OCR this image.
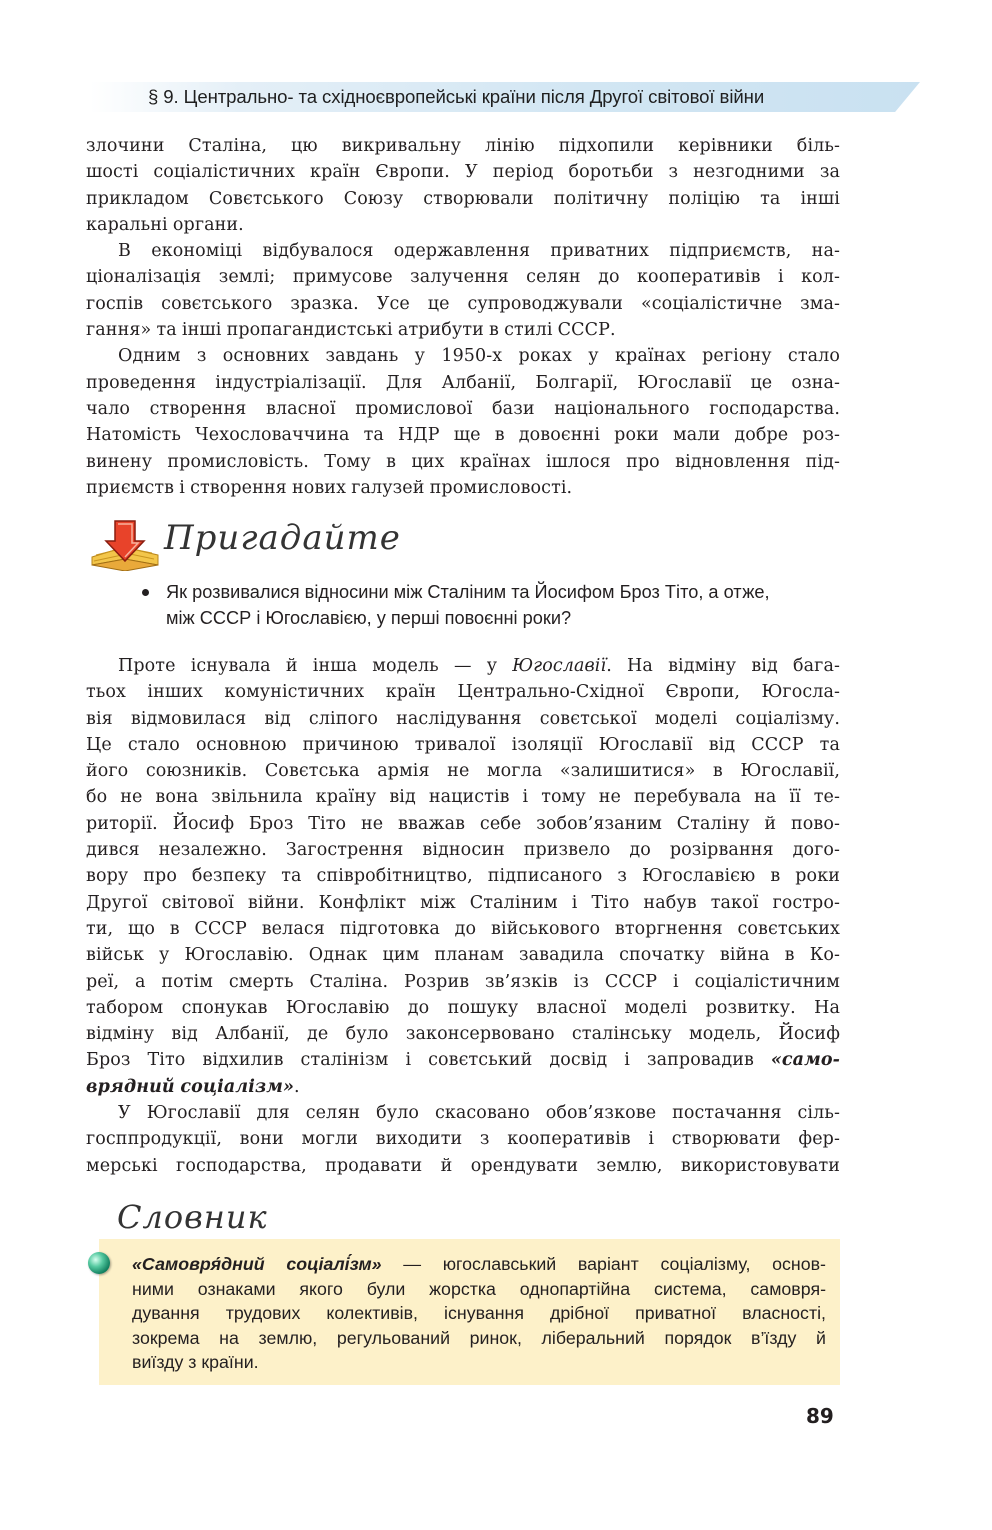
§ 9. Центрально- та східноєвропейські країни після Другої світової війни

злочини Сталіна, цю викривальну лінію підхопили керівники біль-
шості соціалістичних країн Європи. У період боротьби з незгодними за
прикладом Совєтського Союзу створювали політичну поліцію та інші
каральні органи.

В економіці відбувалося одержавлення приватних підприємств, на-
ціоналізація землі; примусове залучення селян до кооперативів і кол-
госпів совєтського зразка. Усе це супроводжували «соціалістичне зма-
гання» та інші пропагандистські атрибути в стилі СССР.

Одним з основних завдань у 1950-х роках у країнах регіону стало
проведення індустріалізації. Для Албанії, Болгарії, Югославії це озна-
чало створення власної промислової бази національного господарства.
Натомість Чехословаччина та НДР ще в довоєнні роки мали добре роз-
винену промисловість. Тому в цих країнах ішлося про відновлення під-
приємств і створення нових галузей промисловості.

Пригадайте
Як розвивалися відносини між Сталіним та Йосифом Броз Тіто, а отже,
між СССР і Югославією, у перші повоєнні роки?

Проте існувала й інша модель — у Югославії. На відміну від бага-
тьох інших комуністичних країн Центрально-Східної Європи, Югосла-
вія відмовилася від сліпого наслідування совєтської моделі соціалізму.
Це стало основною причиною тривалої ізоляції Югославії від СССР та
його союзників. Совєтська армія не могла «залишитися» в Югославії,
бо не вона звільнила країну від нацистів і тому не перебувала на її те-
риторії. Йосиф Броз Тіто не вважав себе зобов’язаним Сталіну й пово-
дився незалежно. Загострення відносин призвело до розірвання дого-
вору про безпеку та співробітництво, підписаного з Югославією в роки
Другої світової війни. Конфлікт між Сталіним і Тіто набув такої гостро-
ти, що в СССР велася підготовка до військового вторгнення совєтських
військ у Югославію. Однак цим планам завадила спочатку війна в Ко-
реї, а потім смерть Сталіна. Розрив зв’язків із СССР і соціалістичним
табором спонукав Югославію до пошуку власної моделі розвитку. На
відміну від Албанії, де було законсервовано сталінську модель, Йосиф
Броз Тіто відхилив сталінізм і совєтський досвід і запровадив «само-
врядний соціалізм».

У Югославії для селян було скасовано обов’язкове постачання сіль-
госппродукції, вони могли виходити з кооперативів і створювати фер-
мерські господарства, продавати й орендувати землю, використовувати

Словник
«Самовря́дний соціалі́зм» — югославський варіант соціалізму, основ-
ними ознаками якого були жорстка однопартійна система, самовря-
дування трудових колективів, існування дрібної приватної власності,
зокрема на землю, регульований ринок, ліберальний порядок в’їзду й
виїзду з країни.
89
